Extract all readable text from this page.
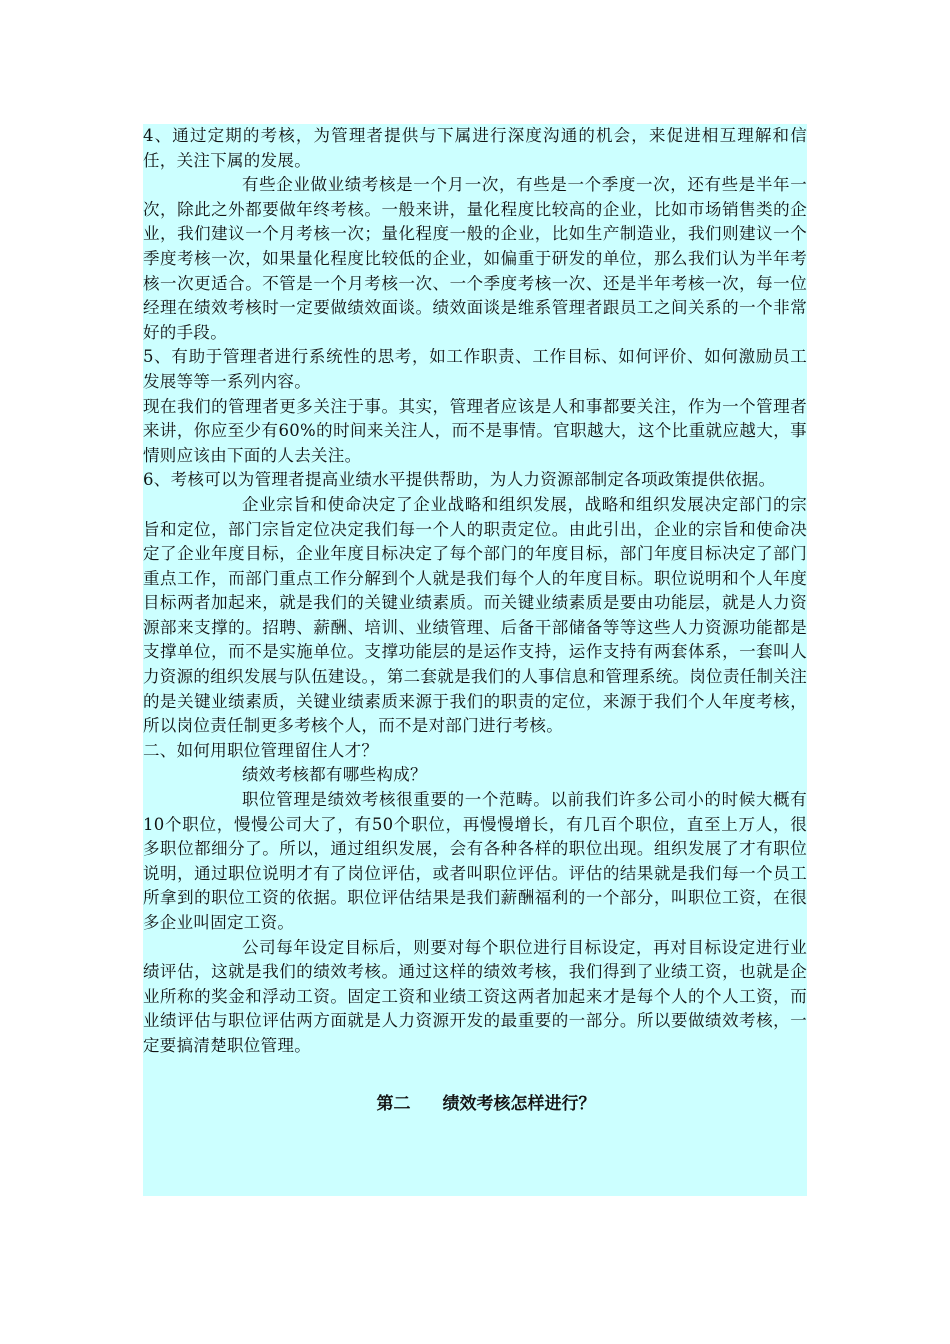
4、通过定期的考核，为管理者提供与下属进行深度沟通的机会，来促进相互理解和信任，关注下属的发展。

有些企业做业绩考核是一个月一次，有些是一个季度一次，还有些是半年一次，除此之外都要做年终考核。一般来讲，量化程度比较高的企业，比如市场销售类的企业，我们建议一个月考核一次；量化程度一般的企业，比如生产制造业，我们则建议一个季度考核一次，如果量化程度比较低的企业，如偏重于研发的单位，那么我们认为半年考核一次更适合。不管是一个月考核一次、一个季度考核一次、还是半年考核一次，每一位经理在绩效考核时一定要做绩效面谈。绩效面谈是维系管理者跟员工之间关系的一个非常好的手段。

5、有助于管理者进行系统性的思考，如工作职责、工作目标、如何评价、如何激励员工发展等等一系列内容。

现在我们的管理者更多关注于事。其实，管理者应该是人和事都要关注，作为一个管理者来讲，你应至少有60%的时间来关注人，而不是事情。官职越大，这个比重就应越大，事情则应该由下面的人去关注。

6、考核可以为管理者提高业绩水平提供帮助，为人力资源部制定各项政策提供依据。

企业宗旨和使命决定了企业战略和组织发展，战略和组织发展决定部门的宗旨和定位，部门宗旨定位决定我们每一个人的职责定位。由此引出，企业的宗旨和使命决定了企业年度目标，企业年度目标决定了每个部门的年度目标，部门年度目标决定了部门重点工作，而部门重点工作分解到个人就是我们每个人的年度目标。职位说明和个人年度目标两者加起来，就是我们的关键业绩素质。而关键业绩素质是要由功能层，就是人力资源部来支撑的。招聘、薪酬、培训、业绩管理、后备干部储备等等这些人力资源功能都是支撑单位，而不是实施单位。支撑功能层的是运作支持，运作支持有两套体系，一套叫人力资源的组织发展与队伍建设。，第二套就是我们的人事信息和管理系统。岗位责任制关注的是关键业绩素质，关键业绩素质来源于我们的职责的定位，来源于我们个人年度考核，所以岗位责任制更多考核个人，而不是对部门进行考核。

二、如何用职位管理留住人才？

绩效考核都有哪些构成？

职位管理是绩效考核很重要的一个范畴。以前我们许多公司小的时候大概有10个职位，慢慢公司大了，有50个职位，再慢慢增长，有几百个职位，直至上万人，很多职位都细分了。所以，通过组织发展，会有各种各样的职位出现。组织发展了才有职位说明，通过职位说明才有了岗位评估，或者叫职位评估。评估的结果就是我们每一个员工所拿到的职位工资的依据。职位评估结果是我们薪酬福利的一个部分，叫职位工资，在很多企业叫固定工资。

公司每年设定目标后，则要对每个职位进行目标设定，再对目标设定进行业绩评估，这就是我们的绩效考核。通过这样的绩效考核，我们得到了业绩工资，也就是企业所称的奖金和浮动工资。固定工资和业绩工资这两者加起来才是每个人的个人工资，而业绩评估与职位评估两方面就是人力资源开发的最重要的一部分。所以要做绩效考核，一定要搞清楚职位管理。

第二 绩效考核怎样进行？
